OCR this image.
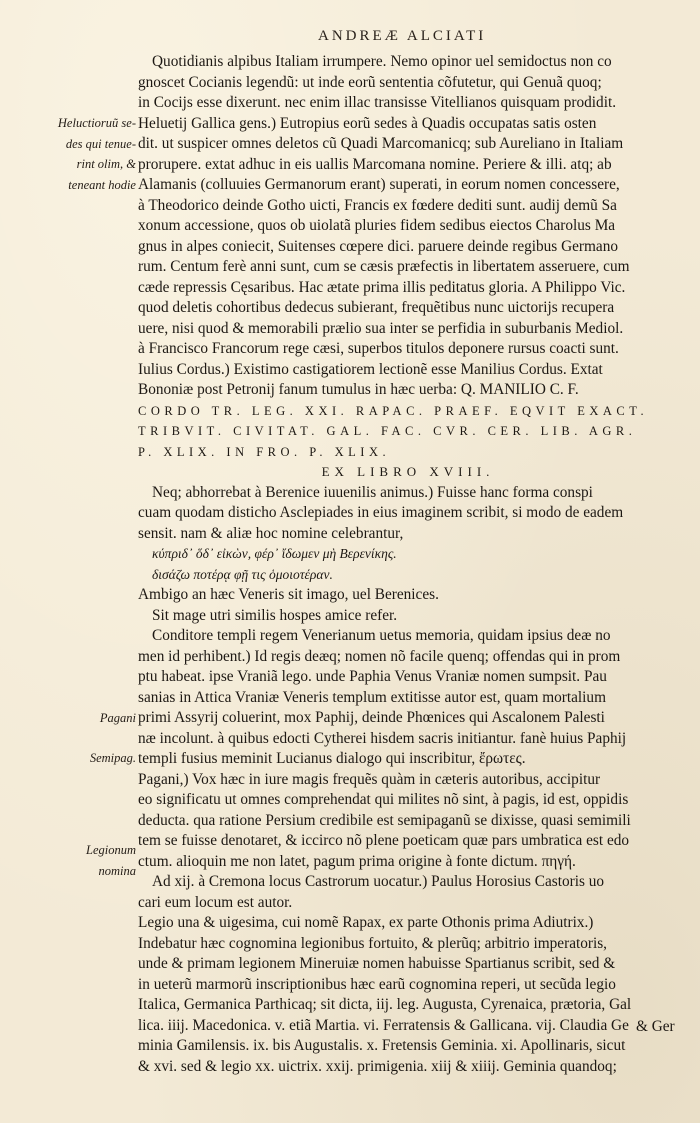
ANDREÆ ALCIATI
Heluctioruũ se-
des qui tenue-
rint olim, &
teneant hodie
Pagani
Semipag.
Legionum
nomina
Quotidianis alpibus Italiam irrumpere. Nemo opinor uel semidoctus non co
gnoscet Cocianis legendũ: ut inde eorũ sententia cõfutetur, qui Genuã quoq;
in Cocijs esse dixerunt. nec enim illac transisse Vitellianos quisquam prodidit.
Heluetij Gallica gens.) Eutropius eorũ sedes à Quadis occupatas satis osten
dit. ut suspicer omnes deletos cũ Quadi Marcomanicq; sub Aureliano in Italiam
prorupere. extat adhuc in eis uallis Marcomana nomine. Periere & illi. atq; ab
Alamanis (colluuies Germanorum erant) superati, in eorum nomen concessere,
à Theodorico deinde Gotho uicti, Francis ex fœdere dediti sunt. audij demũ Sa
xonum accessione, quos ob uiolatã pluries fidem sedibus eiectos Charolus Ma
gnus in alpes coniecit, Suitenses cœpere dici. paruere deinde regibus Germano
rum. Centum ferè anni sunt, cum se cæsis præfectis in libertatem asseruere, cum
cæde repressis Cęsaribus. Hac ætate prima illis peditatus gloria. A Philippo Vic.
quod deletis cohortibus dedecus subierant, frequẽtibus nunc uictorijs recupera
uere, nisi quod & memorabili prælio sua inter se perfidia in suburbanis Mediol.
à Francisco Francorum rege cæsi, superbos titulos deponere rursus coacti sunt.
Iulius Cordus.) Existimo castigatiorem lectionẽ esse Manilius Cordus. Extat
Bononiæ post Petronij fanum tumulus in hæc uerba: Q. MANILIO C. F.
CORDO TR. LEG. XXI. RAPAC. PRAEF. EQVIT EXACT.
TRIBVIT. CIVITAT. GAL. FAC. CVR. CER. LIB. AGR.
P. XLIX. IN FRO. P. XLIX.
EX LIBRO XVIII.
Neq; abhorrebat à Berenice iuuenilis animus.) Fuisse hanc forma conspi
cuam quodam disticho Asclepiades in eius imaginem scribit, si modo de eadem
sensit. nam & aliæ hoc nomine celebrantur,
κύπριδ᾽ ὅδ᾽ εἰκὼν, φέρ᾽ ἴδωμεν μὴ Βερενίκης.
δισάζω ποτέρᾳ φῇ τις ὁμοιοτέραν.
Ambigo an hæc Veneris sit imago, uel Berenices.
Sit mage utri similis hospes amice refer.
Conditore templi regem Venerianum uetus memoria, quidam ipsius deæ no
men id perhibent.) Id regis deæq; nomen nõ facile quenq; offendas qui in prom
ptu habeat. ipse Vraniã lego. unde Paphia Venus Vraniæ nomen sumpsit. Pau
sanias in Attica Vraniæ Veneris templum extitisse autor est, quam mortalium
primi Assyrij coluerint, mox Paphij, deinde Phœnices qui Ascalonem Palesti
næ incolunt. à quibus edocti Cytherei hisdem sacris initiantur. fanè huius Paphij
templi fusius meminit Lucianus dialogo qui inscribitur, ἔρωτες.
Pagani,) Vox hæc in iure magis frequẽs quàm in cæteris autoribus, accipitur
eo significatu ut omnes comprehendat qui milites nõ sint, à pagis, id est, oppidis
deducta. qua ratione Persium credibile est semipaganũ se dixisse, quasi semimili
tem se fuisse denotaret, & iccirco nõ plene poeticam quæ pars umbratica est edo
ctum. alioquin me non latet, pagum prima origine à fonte dictum. πηγή.
Ad xij. à Cremona locus Castrorum uocatur.) Paulus Horosius Castoris uo
cari eum locum est autor.
Legio una & uigesima, cui nomẽ Rapax, ex parte Othonis prima Adiutrix.)
Indebatur hæc cognomina legionibus fortuito, & plerũq; arbitrio imperatoris,
unde & primam legionem Mineruiæ nomen habuisse Spartianus scribit, sed &
in ueterũ marmorũ inscriptionibus hæc earũ cognomina reperi, ut secũda legio
Italica, Germanica Parthicaq; sit dicta, iij. leg. Augusta, Cyrenaica, prætoria, Gal
lica. iiij. Macedonica. v. etiã Martia. vi. Ferratensis & Gallicana. vij. Claudia Ge
minia Gamilensis. ix. bis Augustalis. x. Fretensis Geminia. xi. Apollinaris, sicut
& xvi. sed & legio xx. uictrix. xxij. primigenia. xiij & xiiij. Geminia quandoq;
& Ger
